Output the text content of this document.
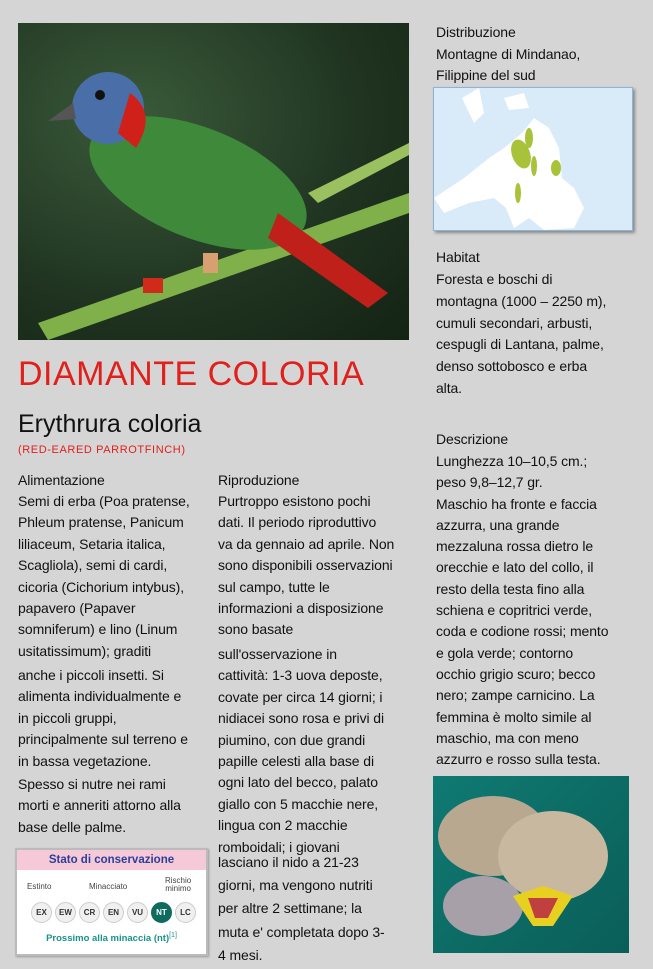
DIAMANTE COLORIA
Erythrura coloria
(RED-EARED PARROTFINCH)
Alimentazione
Semi di erba (Poa pratense,
Phleum pratense, Panicum
liliaceum, Setaria italica,
Scagliola), semi di cardi,
cicoria (Cichorium intybus),
papavero (Papaver
somniferum) e lino (Linum
usitatissimum); graditi
anche i piccoli insetti. Si
alimenta individualmente e
in piccoli gruppi,
principalmente sul terreno e
in bassa vegetazione.
Spesso si nutre nei rami
morti e anneriti attorno alla
base delle palme.
Stato di conservazione
Estinto	Minacciato
Rischio
minimo
Prossimo alla minaccia (nt)[1]
EX	EW	CR	EN	VU	NT	LC
Riproduzione
Purtroppo esistono pochi
dati. Il periodo riproduttivo
va da gennaio ad aprile. Non
sono disponibili osservazioni
sul campo, tutte le
informazioni a disposizione
sono basate
sull'osservazione in
cattività: 1-3 uova deposte,
covate per circa 14 giorni; i
nidiacei sono rosa e privi di
piumino, con due grandi
papille celesti alla base di
ogni lato del becco, palato
giallo con 5 macchie nere,
lingua con 2 macchie
romboidali; i giovani
lasciano il nido a 21-23
giorni, ma vengono nutriti
per altre 2 settimane; la
muta e' completata dopo 3-
4 mesi.
Distribuzione
Montagne di Mindanao,
Filippine del sud
Habitat
Foresta e boschi di
montagna (1000 – 2250 m),
cumuli secondari, arbusti,
cespugli di Lantana, palme,
denso sottobosco e erba
alta.
Descrizione
Lunghezza 10–10,5 cm.;
peso 9,8–12,7 gr.
Maschio ha fronte e faccia
azzurra, una grande
mezzaluna rossa dietro le
orecchie e lato del collo, il
resto della testa fino alla
schiena e copritrici verde,
coda e codione rossi; mento
e gola verde; contorno
occhio grigio scuro; becco
nero; zampe carnicino. La
femmina è molto simile al
maschio, ma con meno
azzurro e rosso sulla testa.
